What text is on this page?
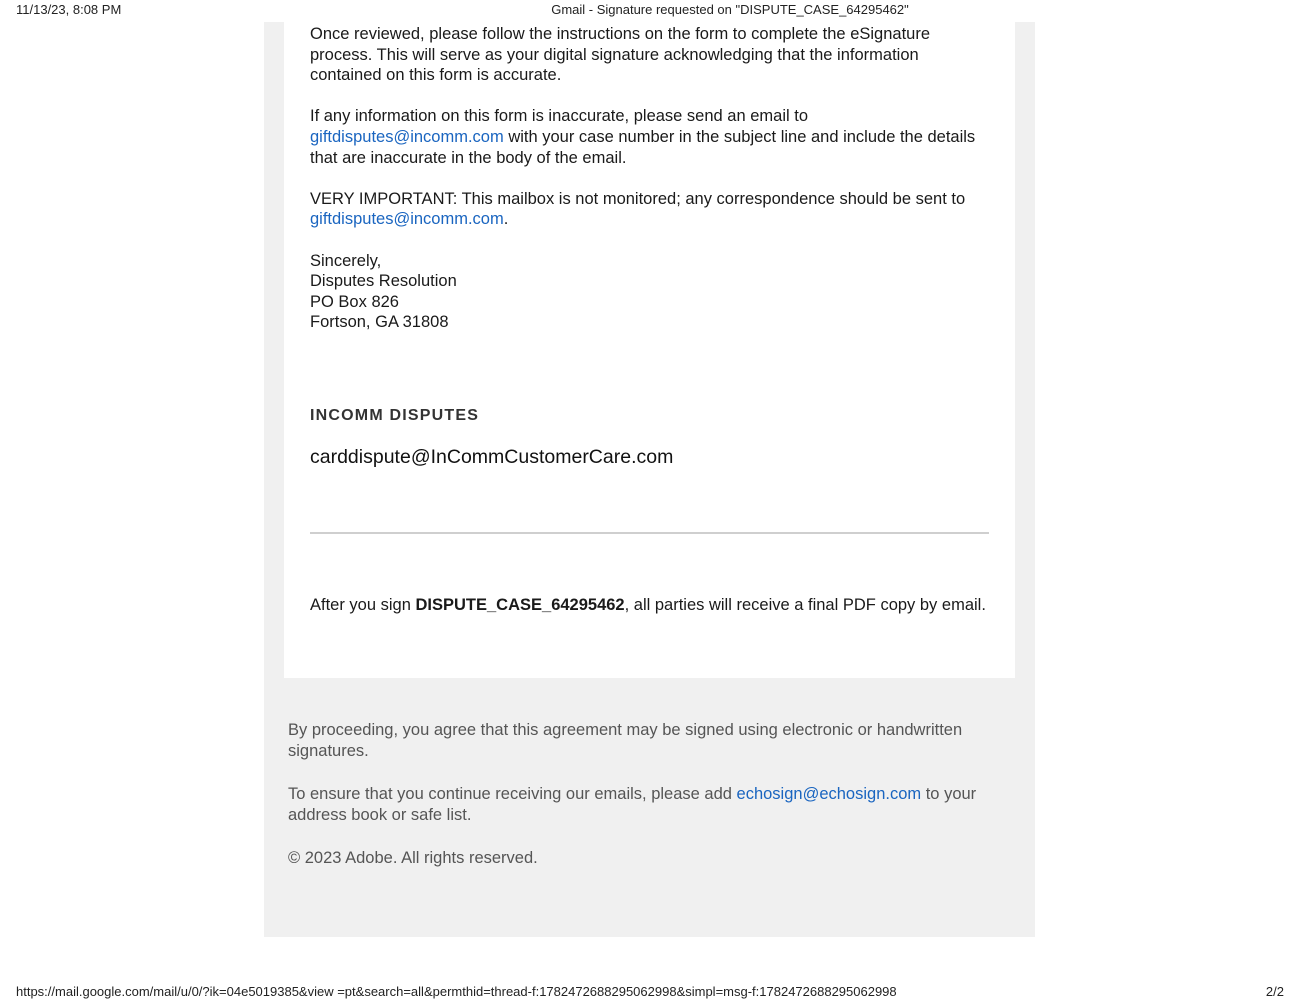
11/13/23, 8:08 PM	Gmail - Signature requested on "DISPUTE_CASE_64295462"

Once reviewed, please follow the instructions on the form to complete the eSignature process. This will serve as your digital signature acknowledging that the information contained on this form is accurate.

If any information on this form is inaccurate, please send an email to giftdisputes@incomm.com with your case number in the subject line and include the details that are inaccurate in the body of the email.

VERY IMPORTANT: This mailbox is not monitored; any correspondence should be sent to giftdisputes@incomm.com.

Sincerely,

Disputes Resolution

PO Box 826

Fortson, GA 31808

INCOMM DISPUTES
carddispute@InCommCustomerCare.com

After you sign DISPUTE_CASE_64295462, all parties will receive a final PDF copy by email.

By proceeding, you agree that this agreement may be signed using electronic or handwritten signatures.

To ensure that you continue receiving our emails, please add echosign@echosign.com to your address book or safe list.

© 2023 Adobe. All rights reserved.

https://mail.google.com/mail/u/0/?ik=04e5019385&view =pt&search=all&permthid=thread-f:1782472688295062998&simpl=msg-f:1782472688295062998	2/2
